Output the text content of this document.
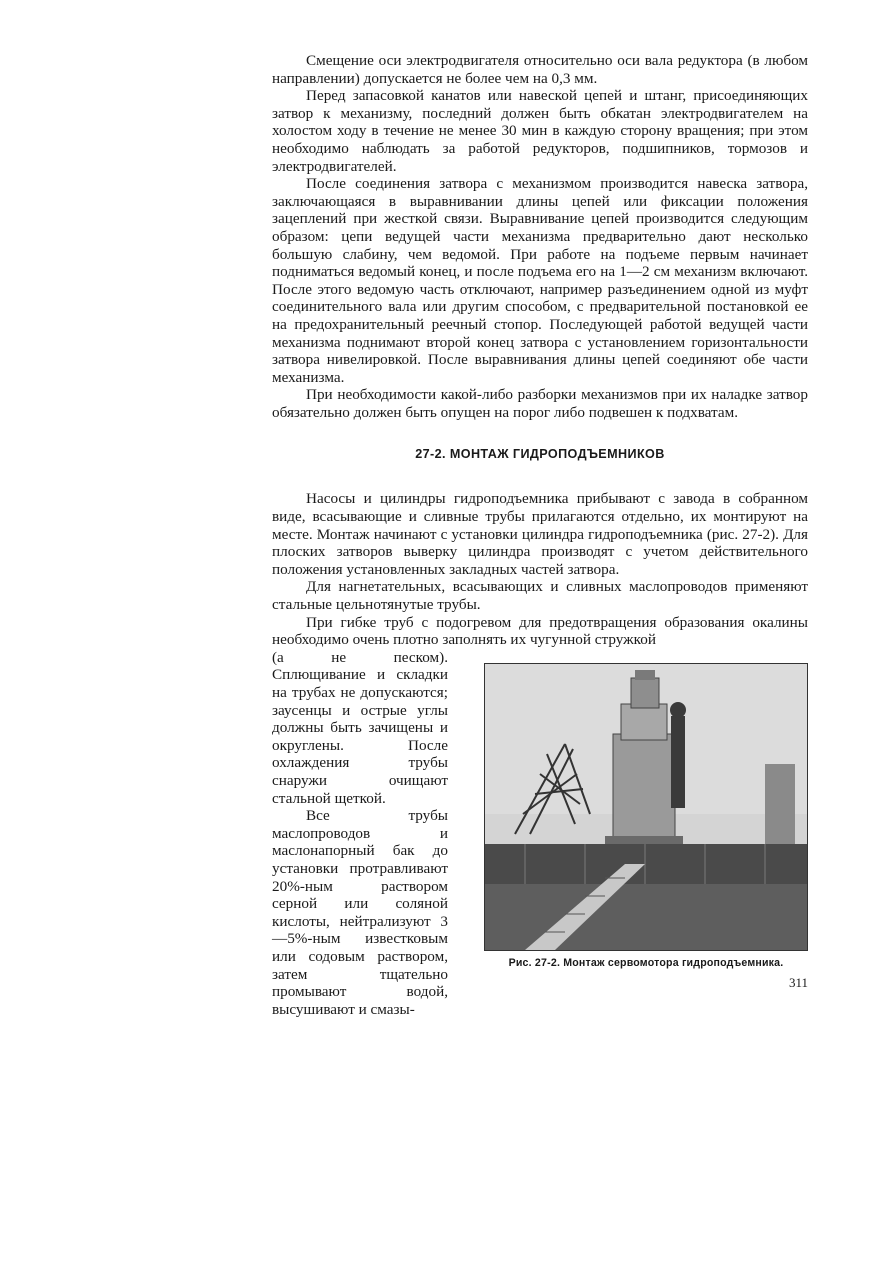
Смещение оси электродвигателя относительно оси вала редуктора (в любом направлении) допускается не более чем на 0,3 мм.

Перед запасовкой канатов или навеской цепей и штанг, присоединяющих затвор к механизму, последний должен быть обкатан электродвигателем на холостом ходу в течение не менее 30 мин в каждую сторону вращения; при этом необходимо наблюдать за работой редукторов, подшипников, тормозов и электродвигателей.

После соединения затвора с механизмом производится навеска затвора, заключающаяся в выравнивании длины цепей или фиксации положения зацеплений при жесткой связи. Выравнивание цепей производится следующим образом: цепи ведущей части механизма предварительно дают несколько большую слабину, чем ведомой. При работе на подъеме первым начинает подниматься ведомый конец, и после подъема его на 1—2 см механизм включают. После этого ведомую часть отключают, например разъединением одной из муфт соединительного вала или другим способом, с предварительной постановкой ее на предохранительный реечный стопор. Последующей работой ведущей части механизма поднимают второй конец затвора с установлением горизонтальности затвора нивелировкой. После выравнивания длины цепей соединяют обе части механизма.

При необходимости какой-либо разборки механизмов при их наладке затвор обязательно должен быть опущен на порог либо подвешен к подхватам.

27-2. МОНТАЖ ГИДРОПОДЪЕМНИКОВ

Насосы и цилиндры гидроподъемника прибывают с завода в собранном виде, всасывающие и сливные трубы прилагаются отдельно, их монтируют на месте. Монтаж начинают с установки цилиндра гидроподъемника (рис. 27-2). Для плоских затворов выверку цилиндра производят с учетом действительного положения установленных закладных частей затвора.

Для нагнетательных, всасывающих и сливных маслопроводов применяют стальные цельнотянутые трубы.

При гибке труб с подогревом для предотвращения образования окалины необходимо очень плотно заполнять их чугунной стружкой

(а не песком). Сплющивание и складки на трубах не допускаются; заусенцы и острые углы должны быть зачищены и округлены. После охлаждения трубы снаружи очищают стальной щеткой.

Все трубы маслопроводов и маслонапорный бак до установки протравливают 20%-ным раствором серной или соляной кислоты, нейтрализуют 3—5%-ным известковым или содовым раствором, затем тщательно промывают водой, высушивают и смазы-

Рис. 27-2. Монтаж сервомотора гидроподъемника.

311
